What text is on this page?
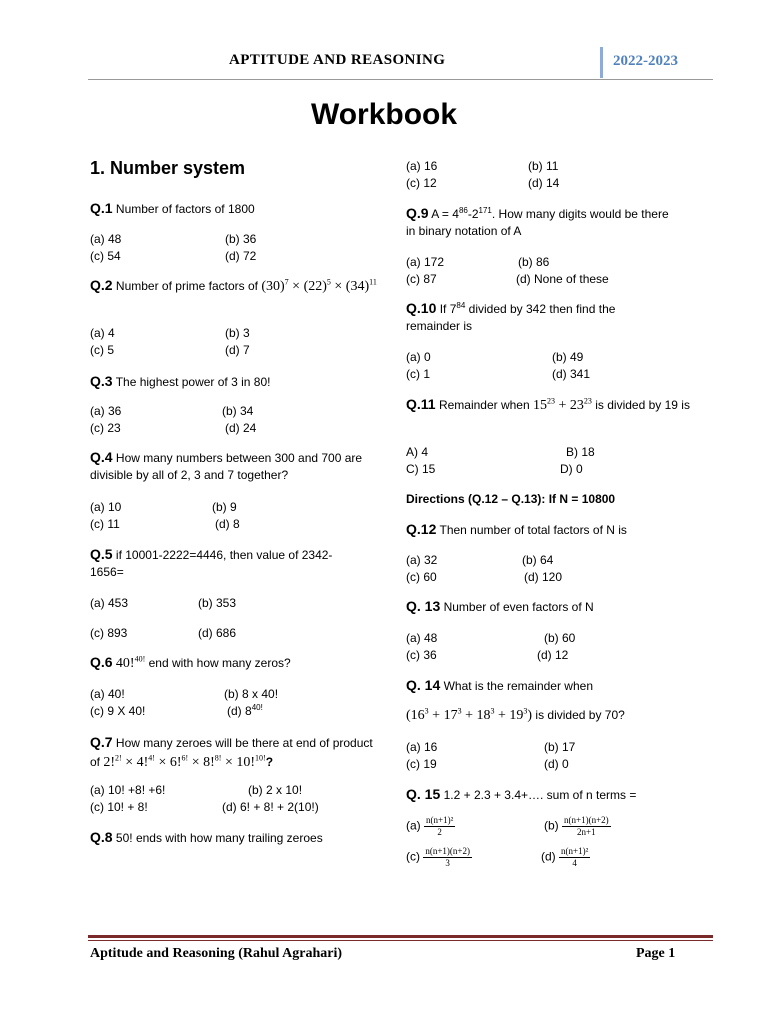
APTITUDE AND REASONING	2022-2023
Workbook
1. Number system
Q.1 Number of factors of 1800
(a) 48	(b) 36
(c) 54	(d) 72
Q.2 Number of prime factors of $(30)^7 \times (22)^5 \times (34)^{11}$
(a) 4	(b) 3
(c) 5	(d) 7
Q.3 The highest power of 3 in 80!
(a) 36	(b) 34
(c) 23	(d) 24
Q.4 How many numbers between 300 and 700 are divisible by all of 2, 3 and 7 together?
(a) 10	(b) 9
(c) 11	(d) 8
Q.5 if 10001-2222=4446, then value of 2342-1656=
(a) 453	(b) 353
(c) 893	(d) 686
Q.6 40!$^{40!}$ end with how many zeros?
(a) 40!	(b) 8 x 40!
(c) 9 X 40!	(d) $8^{40!}$
Q.7 How many zeroes will be there at end of product of 2!$^{2!}$ × 4!$^{4!}$ × 6!$^{6!}$ × 8!$^{8!}$ × 10!$^{10!}$?
(a) 10! +8! +6!	(b) 2 x 10!
(c) 10! + 8!	(d) 6! + 8! + 2(10!)
Q.8 50! ends with how many trailing zeroes
(a) 16	(b) 11
(c) 12	(d) 14
Q.9 $A = 4^{86}-2^{171}$. How many digits would be there in binary notation of A
(a) 172	(b) 86
(c) 87	(d) None of these
Q.10 If $7^{84}$ divided by 342 then find the remainder is
(a) 0	(b) 49
(c) 1	(d) 341
Q.11 Remainder when $15^{23} + 23^{23}$ is divided by 19 is
A) 4	B) 18
C) 15	D) 0
Directions (Q.12 – Q.13): If N = 10800
Q.12 Then number of total factors of N is
(a) 32	(b) 64
(c) 60	(d) 120
Q. 13 Number of even factors of N
(a) 48	(b) 60
(c) 36	(d) 12
Q. 14 What is the remainder when
$(16^3 + 17^3 + 18^3 + 19^3)$ is divided by 70?
(a) 16	(b) 17
(c) 19	(d) 0
Q. 15 1.2 + 2.3 + 3.4+…. sum of n terms =
$(a) \frac{\text{n(n+1)²}}{2}$	$(b) \frac{n(n+1)(n+2)}{2n+1}$
$(c) \frac{n(n+1)(n+2)}{3}$	$(d) \frac{\text{n(n+1)²}}{4}$
Aptitude and Reasoning (Rahul Agrahari)	Page 1
